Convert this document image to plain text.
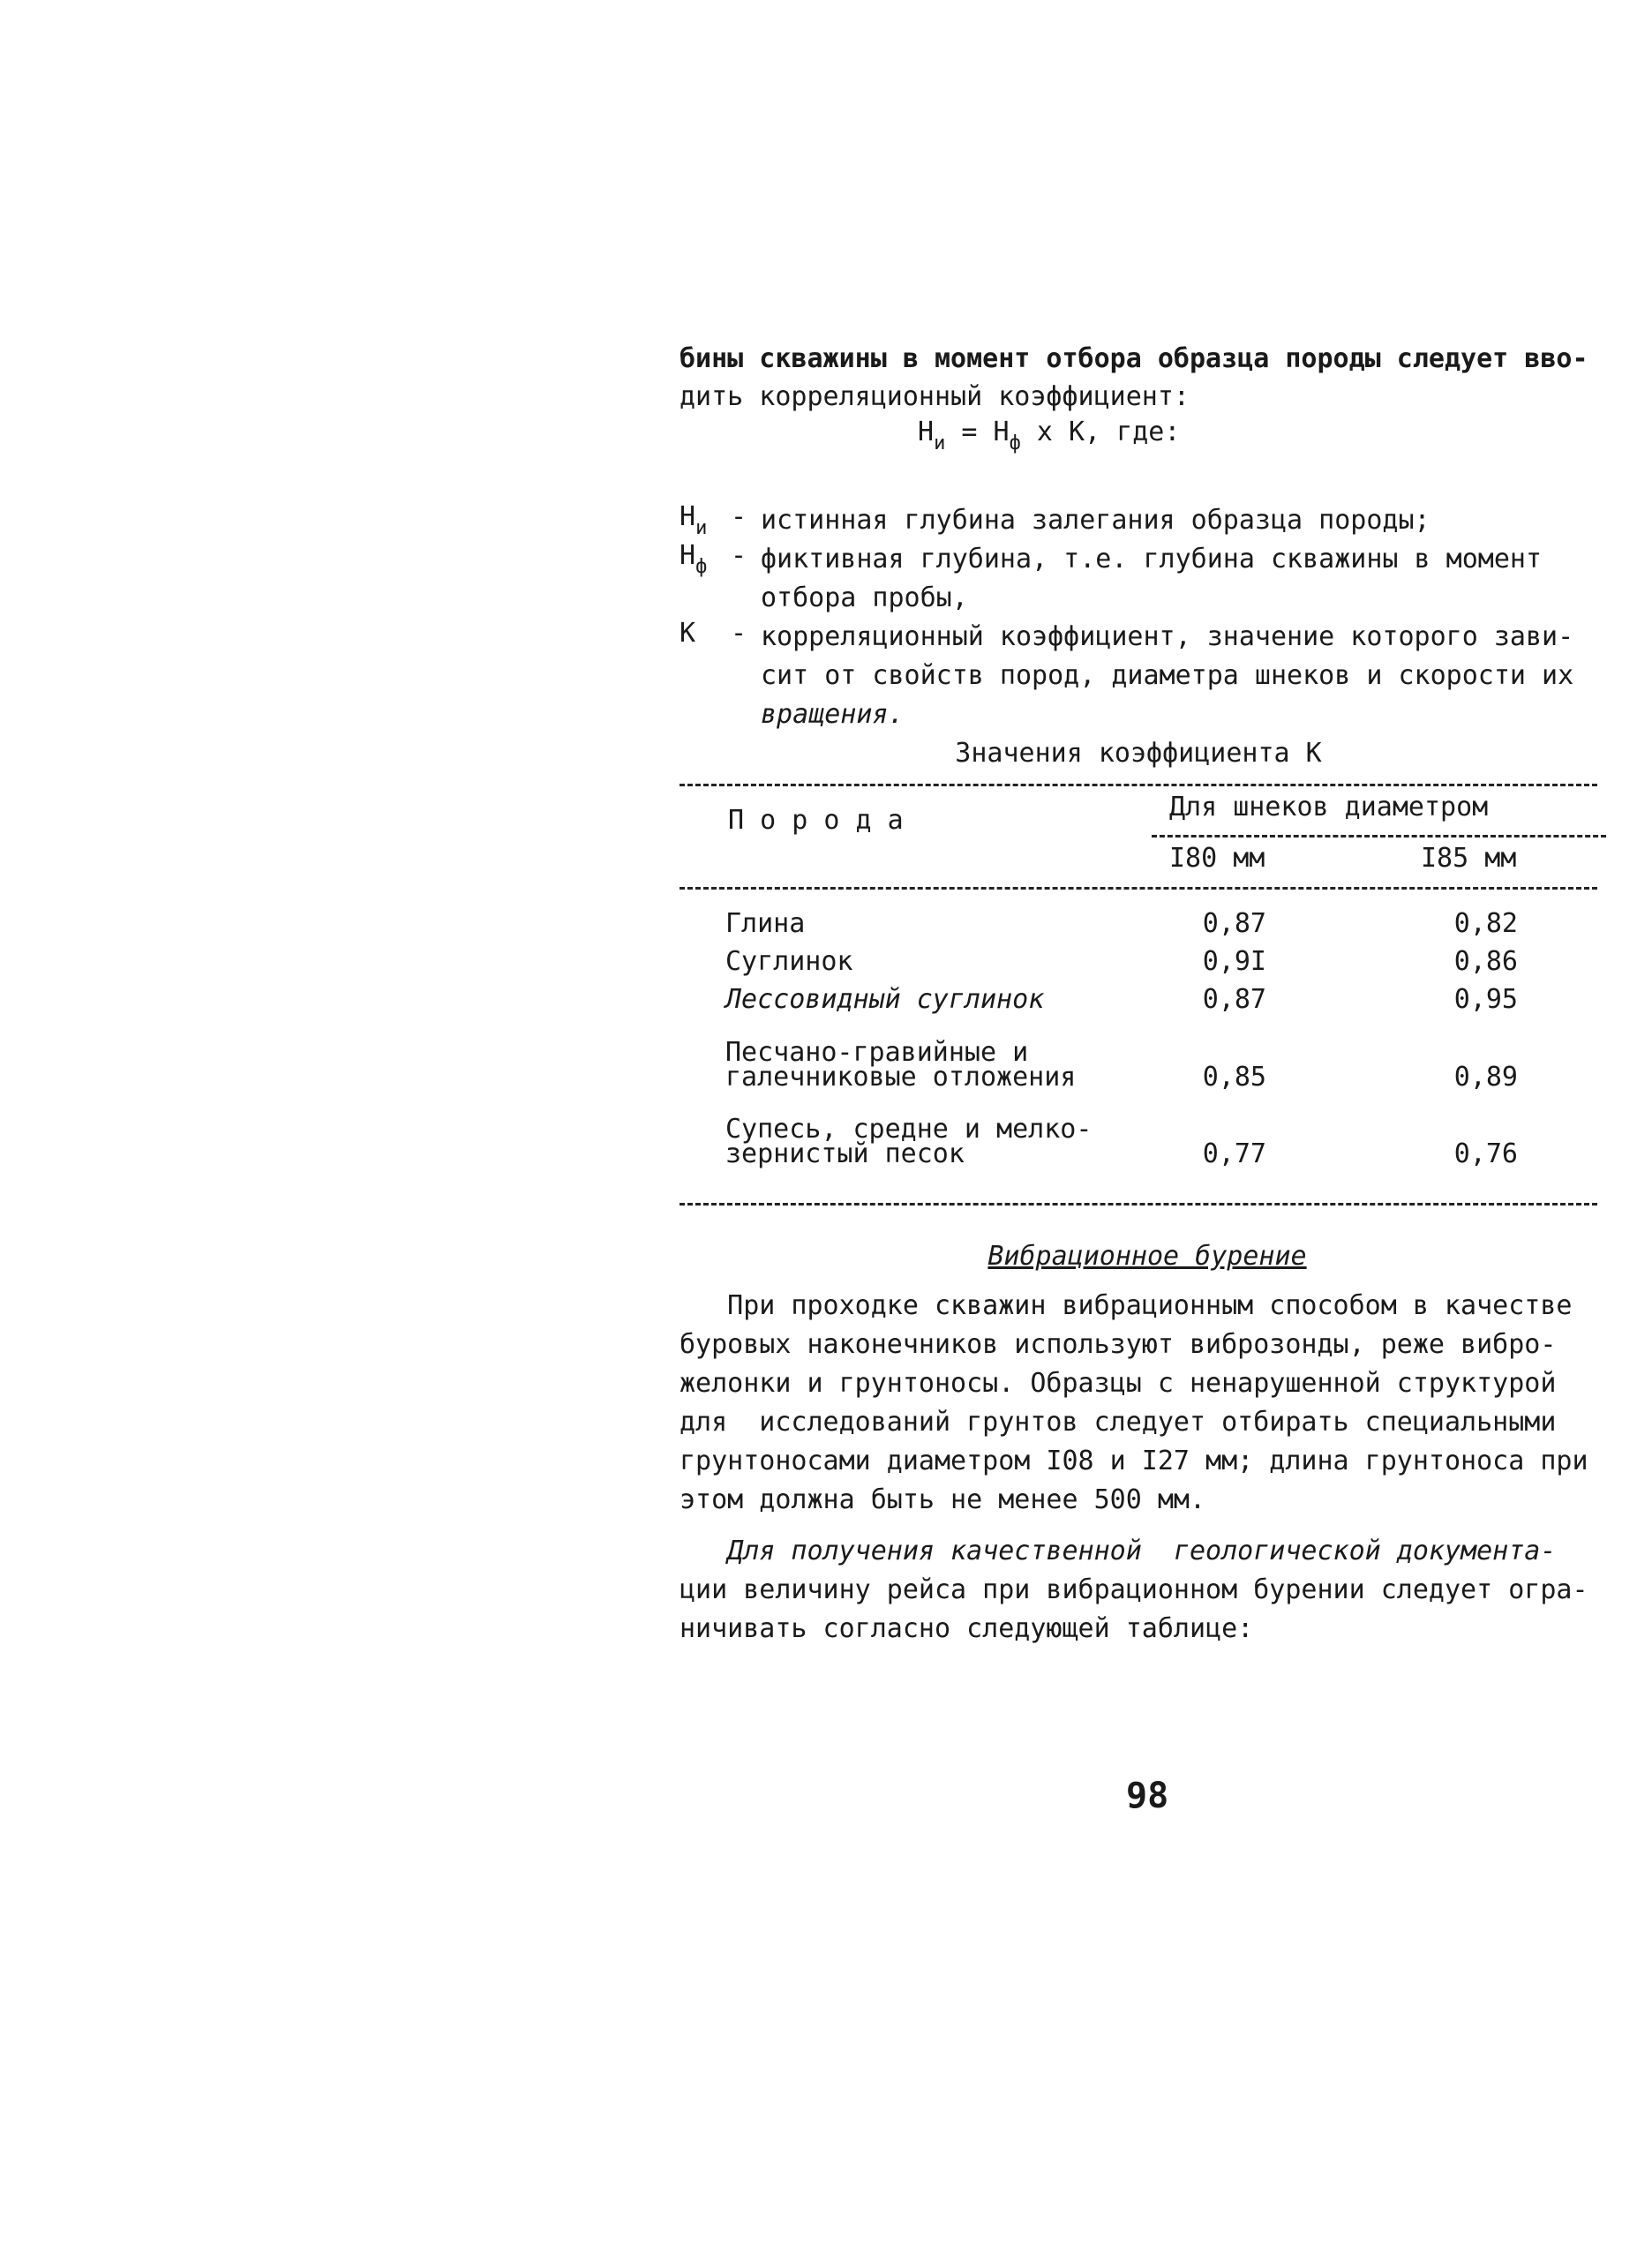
бины скважины в момент отбора образца породы следует вво-
дить корреляционный коэффициент:
$Н_и = Н_ф$ х К, где:
$Н_и$ - истинная глубина залегания образца породы;
$Н_ф$ - фиктивная глубина, т.е. глубина скважины в момент
отбора пробы,
К	- корреляционный коэффициент, значение которого зави-
сит от свойств пород, диаметра шнеков и скорости их
вращения.
Значения коэффициента К
П о р о д а	Для шнеков диаметром
I80 мм	I85 мм
Глина	0,87	0,82
Суглинок	0,9I	0,86
Лессовидный суглинок	0,87	0,95
Песчано-гравийные и
галечниковые отложения	0,85	0,89
Супесь, средне и мелко-
зернистый песок	0,77	0,76
Вибрационное бурение
При проходке скважин вибрационным способом в качестве
буровых наконечников используют виброзонды, реже вибро-
желонки и грунтоносы. Образцы с ненарушенной структурой
для  исследований грунтов следует отбирать специальными
грунтоносами диаметром I08 и I27 мм; длина грунтоноса при
этом должна быть не менее 500 мм.
Для получения качественной  геологической документа-
ции величину рейса при вибрационном бурении следует огра-
ничивать согласно следующей таблице:
98
